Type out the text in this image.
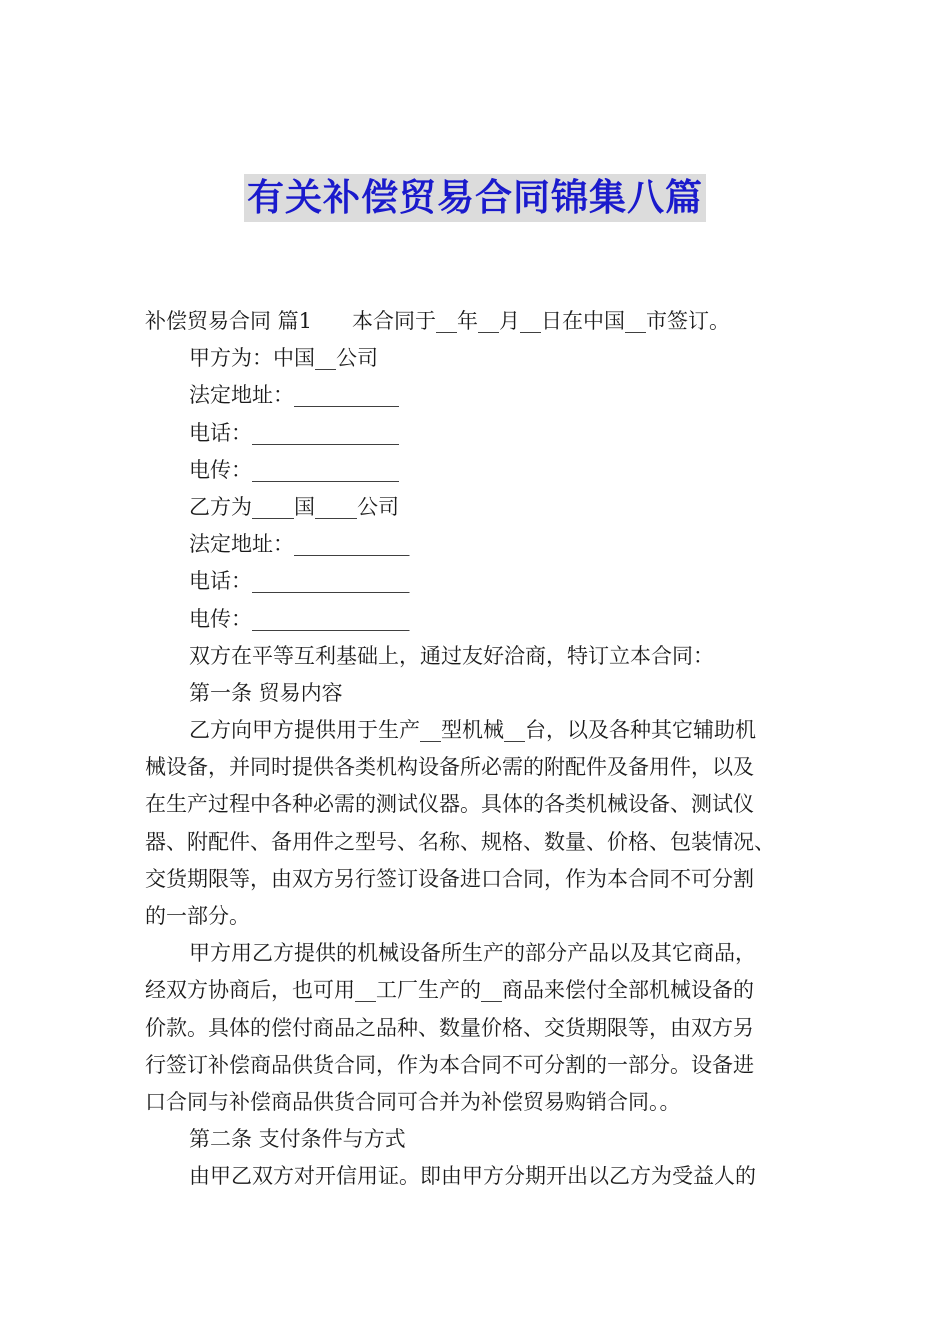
有关补偿贸易合同锦集八篇
补偿贸易合同 篇1 本合同于__年__月__日在中国__市签订。
甲方为：中国__公司
法定地址：__________
电话：______________
电传：______________
乙方为____国____公司
法定地址：___________
电话：_______________
电传：_______________
双方在平等互利基础上，通过友好洽商，特订立本合同：
第一条 贸易内容
乙方向甲方提供用于生产__型机械__台，以及各种其它辅助机
械设备，并同时提供各类机构设备所必需的附配件及备用件，以及
在生产过程中各种必需的测试仪器。具体的各类机械设备、测试仪
器、附配件、备用件之型号、名称、规格、数量、价格、包装情况、
交货期限等，由双方另行签订设备进口合同，作为本合同不可分割
的一部分。
甲方用乙方提供的机械设备所生产的部分产品以及其它商品，
经双方协商后，也可用__工厂生产的__商品来偿付全部机械设备的
价款。具体的偿付商品之品种、数量价格、交货期限等，由双方另
行签订补偿商品供货合同，作为本合同不可分割的一部分。设备进
口合同与补偿商品供货合同可合并为补偿贸易购销合同。。
第二条 支付条件与方式
由甲乙双方对开信用证。即由甲方分期开出以乙方为受益人的
